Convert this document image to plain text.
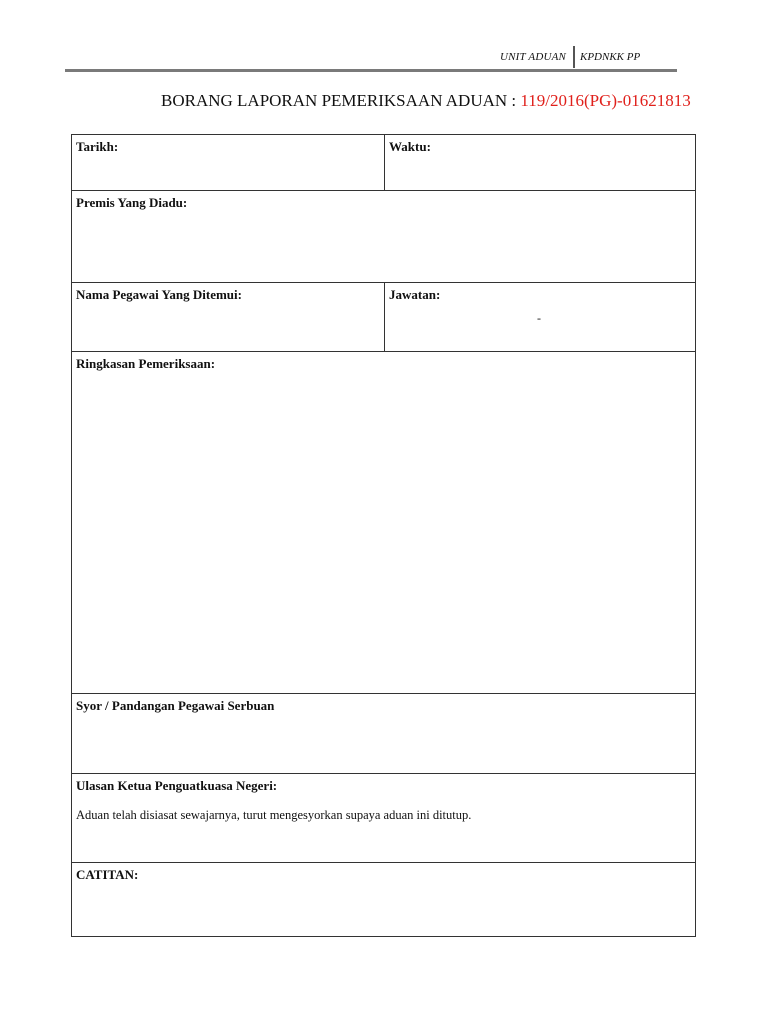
UNIT ADUAN KPDNKK PP
BORANG LAPORAN PEMERIKSAAN ADUAN : 119/2016(PG)-01621813
Tarikh:	Waktu:
Premis Yang Diadu:
Nama Pegawai Yang Ditemui:	Jawatan:
-
Ringkasan Pemeriksaan:
Syor / Pandangan Pegawai Serbuan
Ulasan Ketua Penguatkuasa Negeri:
Aduan telah disiasat sewajarnya, turut mengesyorkan supaya aduan ini ditutup.
CATITAN:
